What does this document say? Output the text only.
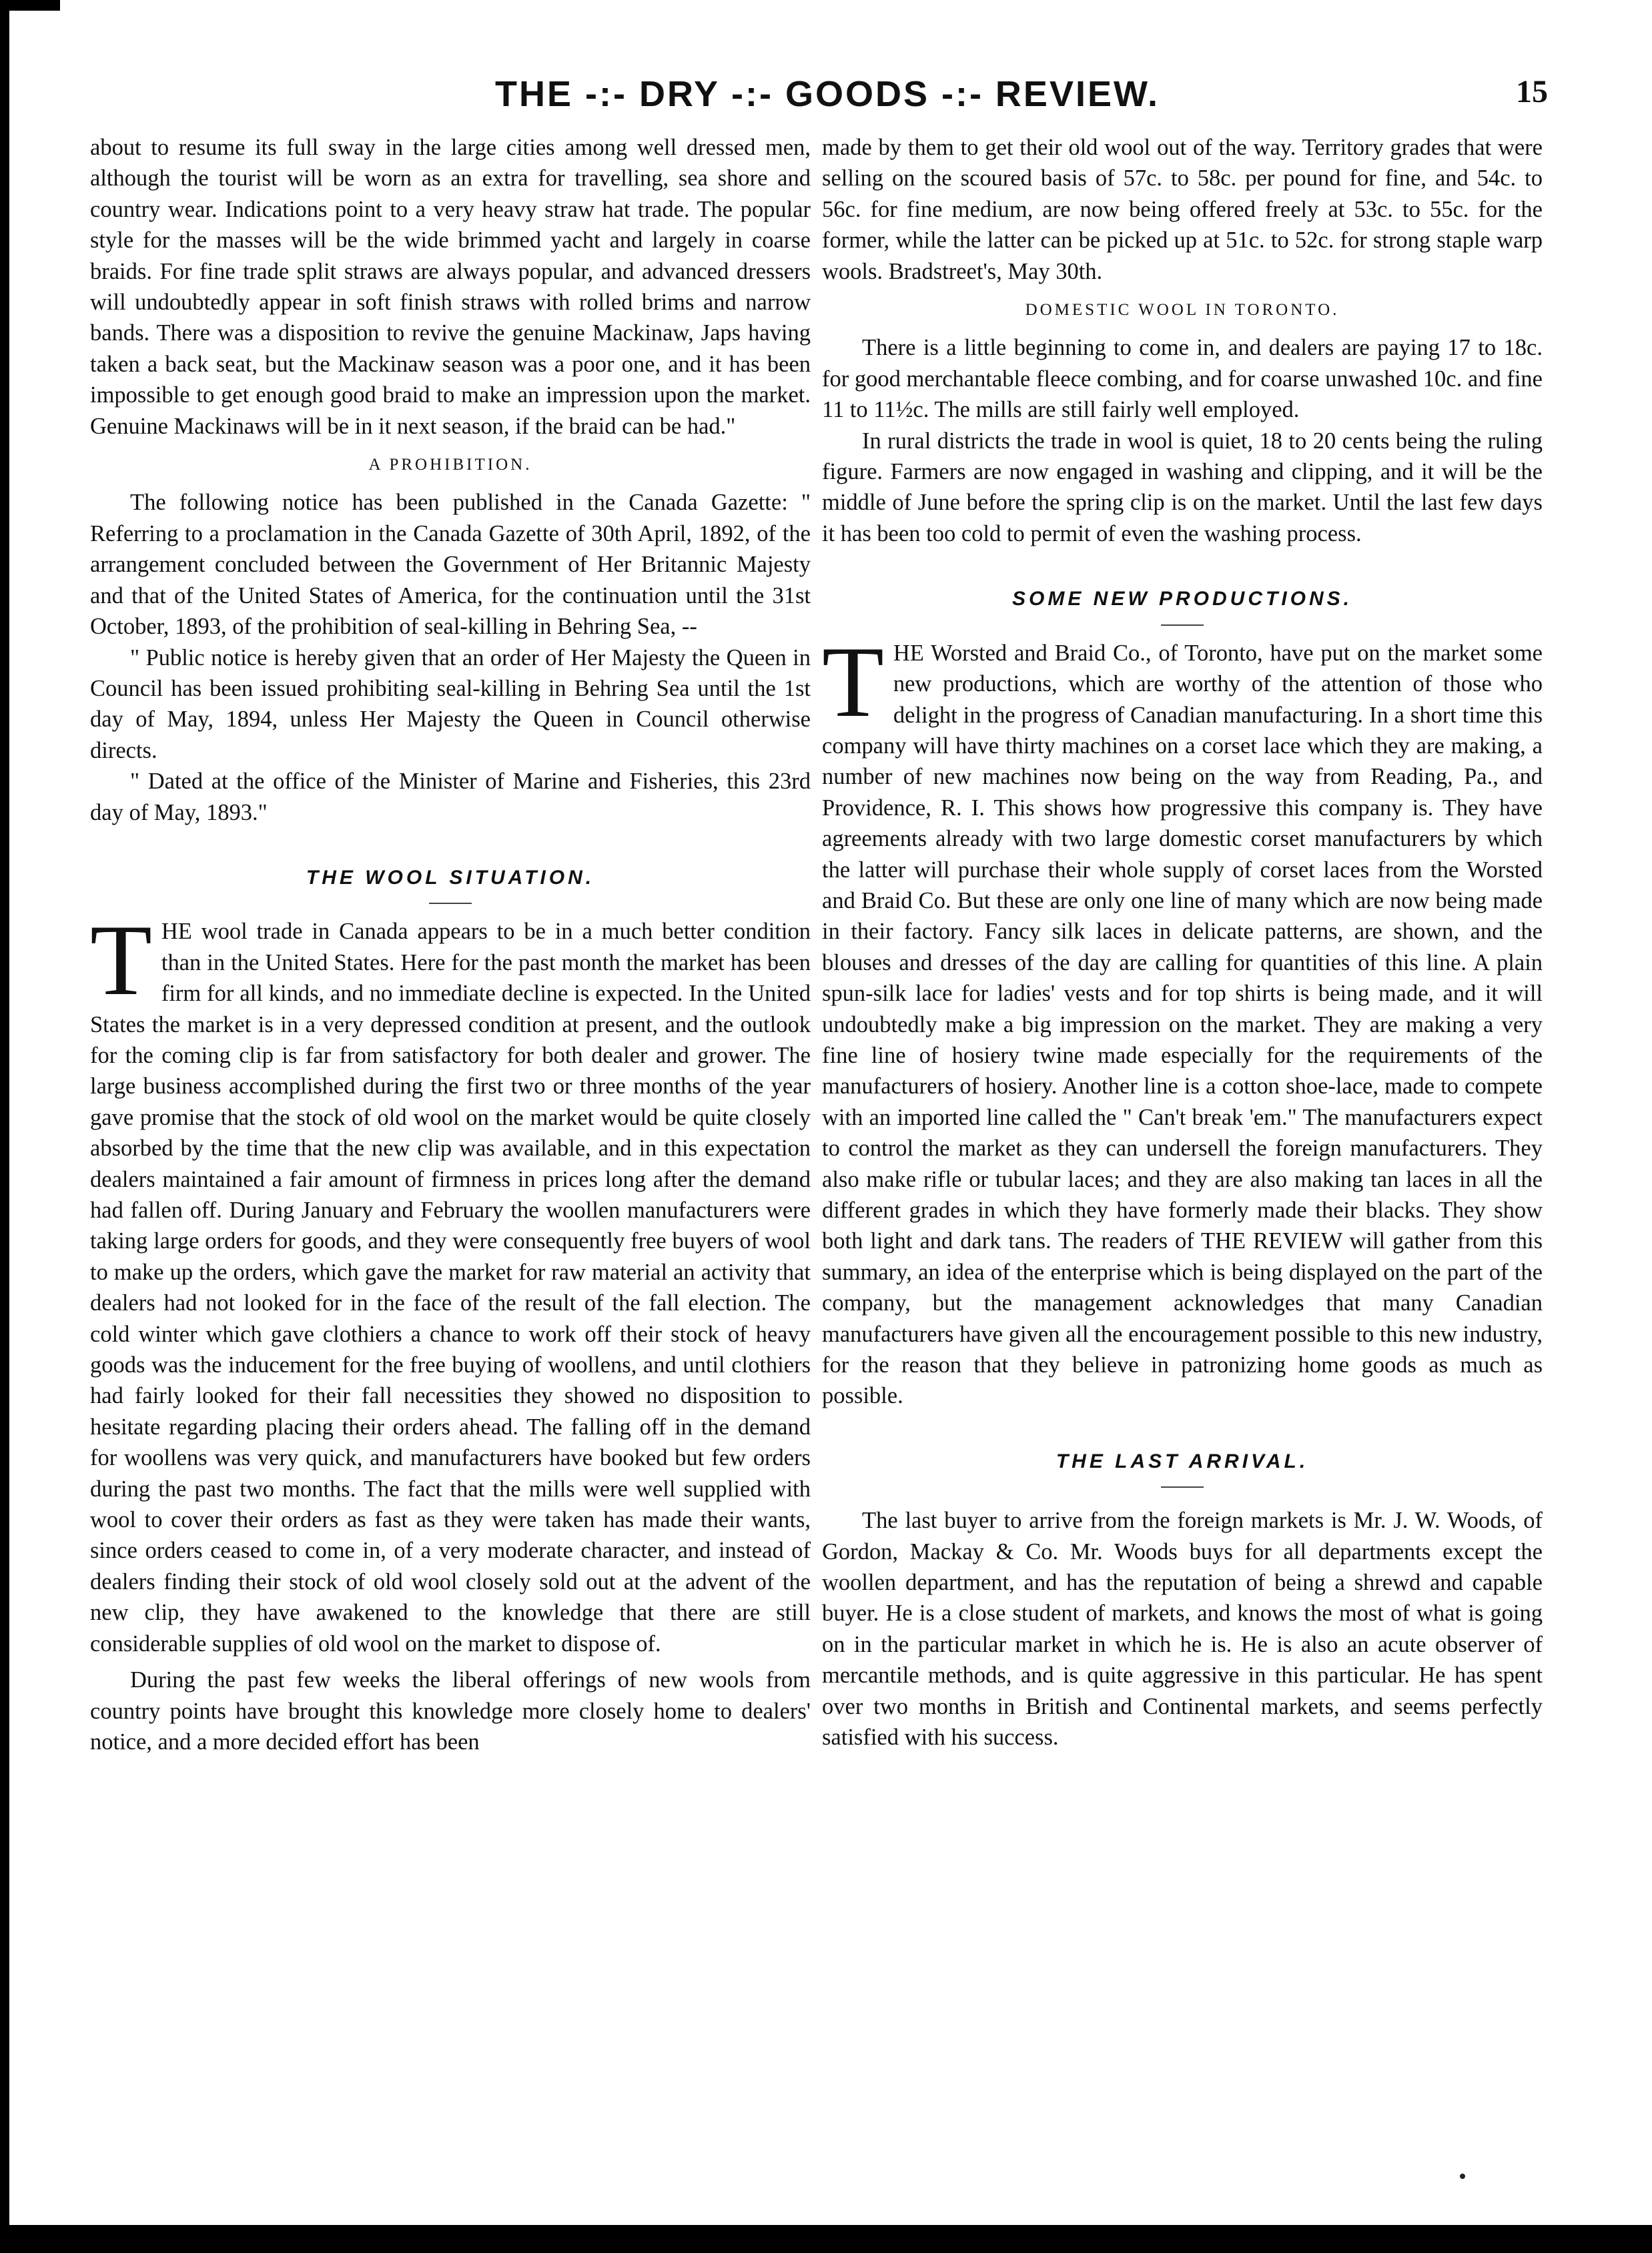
THE -:- DRY -:- GOODS -:- REVIEW.	15

about to resume its full sway in the large cities among well dressed men, although the tourist will be worn as an extra for travelling, sea shore and country wear. Indications point to a very heavy straw hat trade. The popular style for the masses will be the wide brimmed yacht and largely in coarse braids. For fine trade split straws are always popular, and advanced dressers will undoubtedly appear in soft finish straws with rolled brims and narrow bands. There was a disposition to revive the genuine Mackinaw, Japs having taken a back seat, but the Mackinaw season was a poor one, and it has been impossible to get enough good braid to make an impression upon the market. Genuine Mackinaws will be in it next season, if the braid can be had."

A PROHIBITION.

The following notice has been published in the Canada Gazette: " Referring to a proclamation in the Canada Gazette of 30th April, 1892, of the arrangement concluded between the Government of Her Britannic Majesty and that of the United States of America, for the continuation until the 31st October, 1893, of the prohibition of seal-killing in Behring Sea, --

" Public notice is hereby given that an order of Her Majesty the Queen in Council has been issued prohibiting seal-killing in Behring Sea until the 1st day of May, 1894, unless Her Majesty the Queen in Council otherwise directs.

" Dated at the office of the Minister of Marine and Fisheries, this 23rd day of May, 1893."

THE WOOL SITUATION.

THE wool trade in Canada appears to be in a much better condition than in the United States. Here for the past month the market has been firm for all kinds, and no immediate decline is expected. In the United States the market is in a very depressed condition at present, and the outlook for the coming clip is far from satisfactory for both dealer and grower. The large business accomplished during the first two or three months of the year gave promise that the stock of old wool on the market would be quite closely absorbed by the time that the new clip was available, and in this expectation dealers maintained a fair amount of firmness in prices long after the demand had fallen off. During January and February the woollen manufacturers were taking large orders for goods, and they were consequently free buyers of wool to make up the orders, which gave the market for raw material an activity that dealers had not looked for in the face of the result of the fall election. The cold winter which gave clothiers a chance to work off their stock of heavy goods was the inducement for the free buying of woollens, and until clothiers had fairly looked for their fall necessities they showed no disposition to hesitate regarding placing their orders ahead. The falling off in the demand for woollens was very quick, and manufacturers have booked but few orders during the past two months. The fact that the mills were well supplied with wool to cover their orders as fast as they were taken has made their wants, since orders ceased to come in, of a very moderate character, and instead of dealers finding their stock of old wool closely sold out at the advent of the new clip, they have awakened to the knowledge that there are still considerable supplies of old wool on the market to dispose of.

During the past few weeks the liberal offerings of new wools from country points have brought this knowledge more closely home to dealers' notice, and a more decided effort has been

made by them to get their old wool out of the way. Territory grades that were selling on the scoured basis of 57c. to 58c. per pound for fine, and 54c. to 56c. for fine medium, are now being offered freely at 53c. to 55c. for the former, while the latter can be picked up at 51c. to 52c. for strong staple warp wools. Bradstreet's, May 30th.

DOMESTIC WOOL IN TORONTO.

There is a little beginning to come in, and dealers are paying 17 to 18c. for good merchantable fleece combing, and for coarse unwashed 10c. and fine 11 to 11½c. The mills are still fairly well employed.

In rural districts the trade in wool is quiet, 18 to 20 cents being the ruling figure. Farmers are now engaged in washing and clipping, and it will be the middle of June before the spring clip is on the market. Until the last few days it has been too cold to permit of even the washing process.

SOME NEW PRODUCTIONS.

THE Worsted and Braid Co., of Toronto, have put on the market some new productions, which are worthy of the attention of those who delight in the progress of Canadian manufacturing. In a short time this company will have thirty machines on a corset lace which they are making, a number of new machines now being on the way from Reading, Pa., and Providence, R. I. This shows how progressive this company is. They have agreements already with two large domestic corset manufacturers by which the latter will purchase their whole supply of corset laces from the Worsted and Braid Co. But these are only one line of many which are now being made in their factory. Fancy silk laces in delicate patterns, are shown, and the blouses and dresses of the day are calling for quantities of this line. A plain spun-silk lace for ladies' vests and for top shirts is being made, and it will undoubtedly make a big impression on the market. They are making a very fine line of hosiery twine made especially for the requirements of the manufacturers of hosiery. Another line is a cotton shoe-lace, made to compete with an imported line called the " Can't break 'em." The manufacturers expect to control the market as they can undersell the foreign manufacturers. They also make rifle or tubular laces; and they are also making tan laces in all the different grades in which they have formerly made their blacks. They show both light and dark tans. The readers of THE REVIEW will gather from this summary, an idea of the enterprise which is being displayed on the part of the company, but the management acknowledges that many Canadian manufacturers have given all the encouragement possible to this new industry, for the reason that they believe in patronizing home goods as much as possible.

THE LAST ARRIVAL.

The last buyer to arrive from the foreign markets is Mr. J. W. Woods, of Gordon, Mackay & Co. Mr. Woods buys for all departments except the woollen department, and has the reputation of being a shrewd and capable buyer. He is a close student of markets, and knows the most of what is going on in the particular market in which he is. He is also an acute observer of mercantile methods, and is quite aggressive in this particular. He has spent over two months in British and Continental markets, and seems perfectly satisfied with his success.
